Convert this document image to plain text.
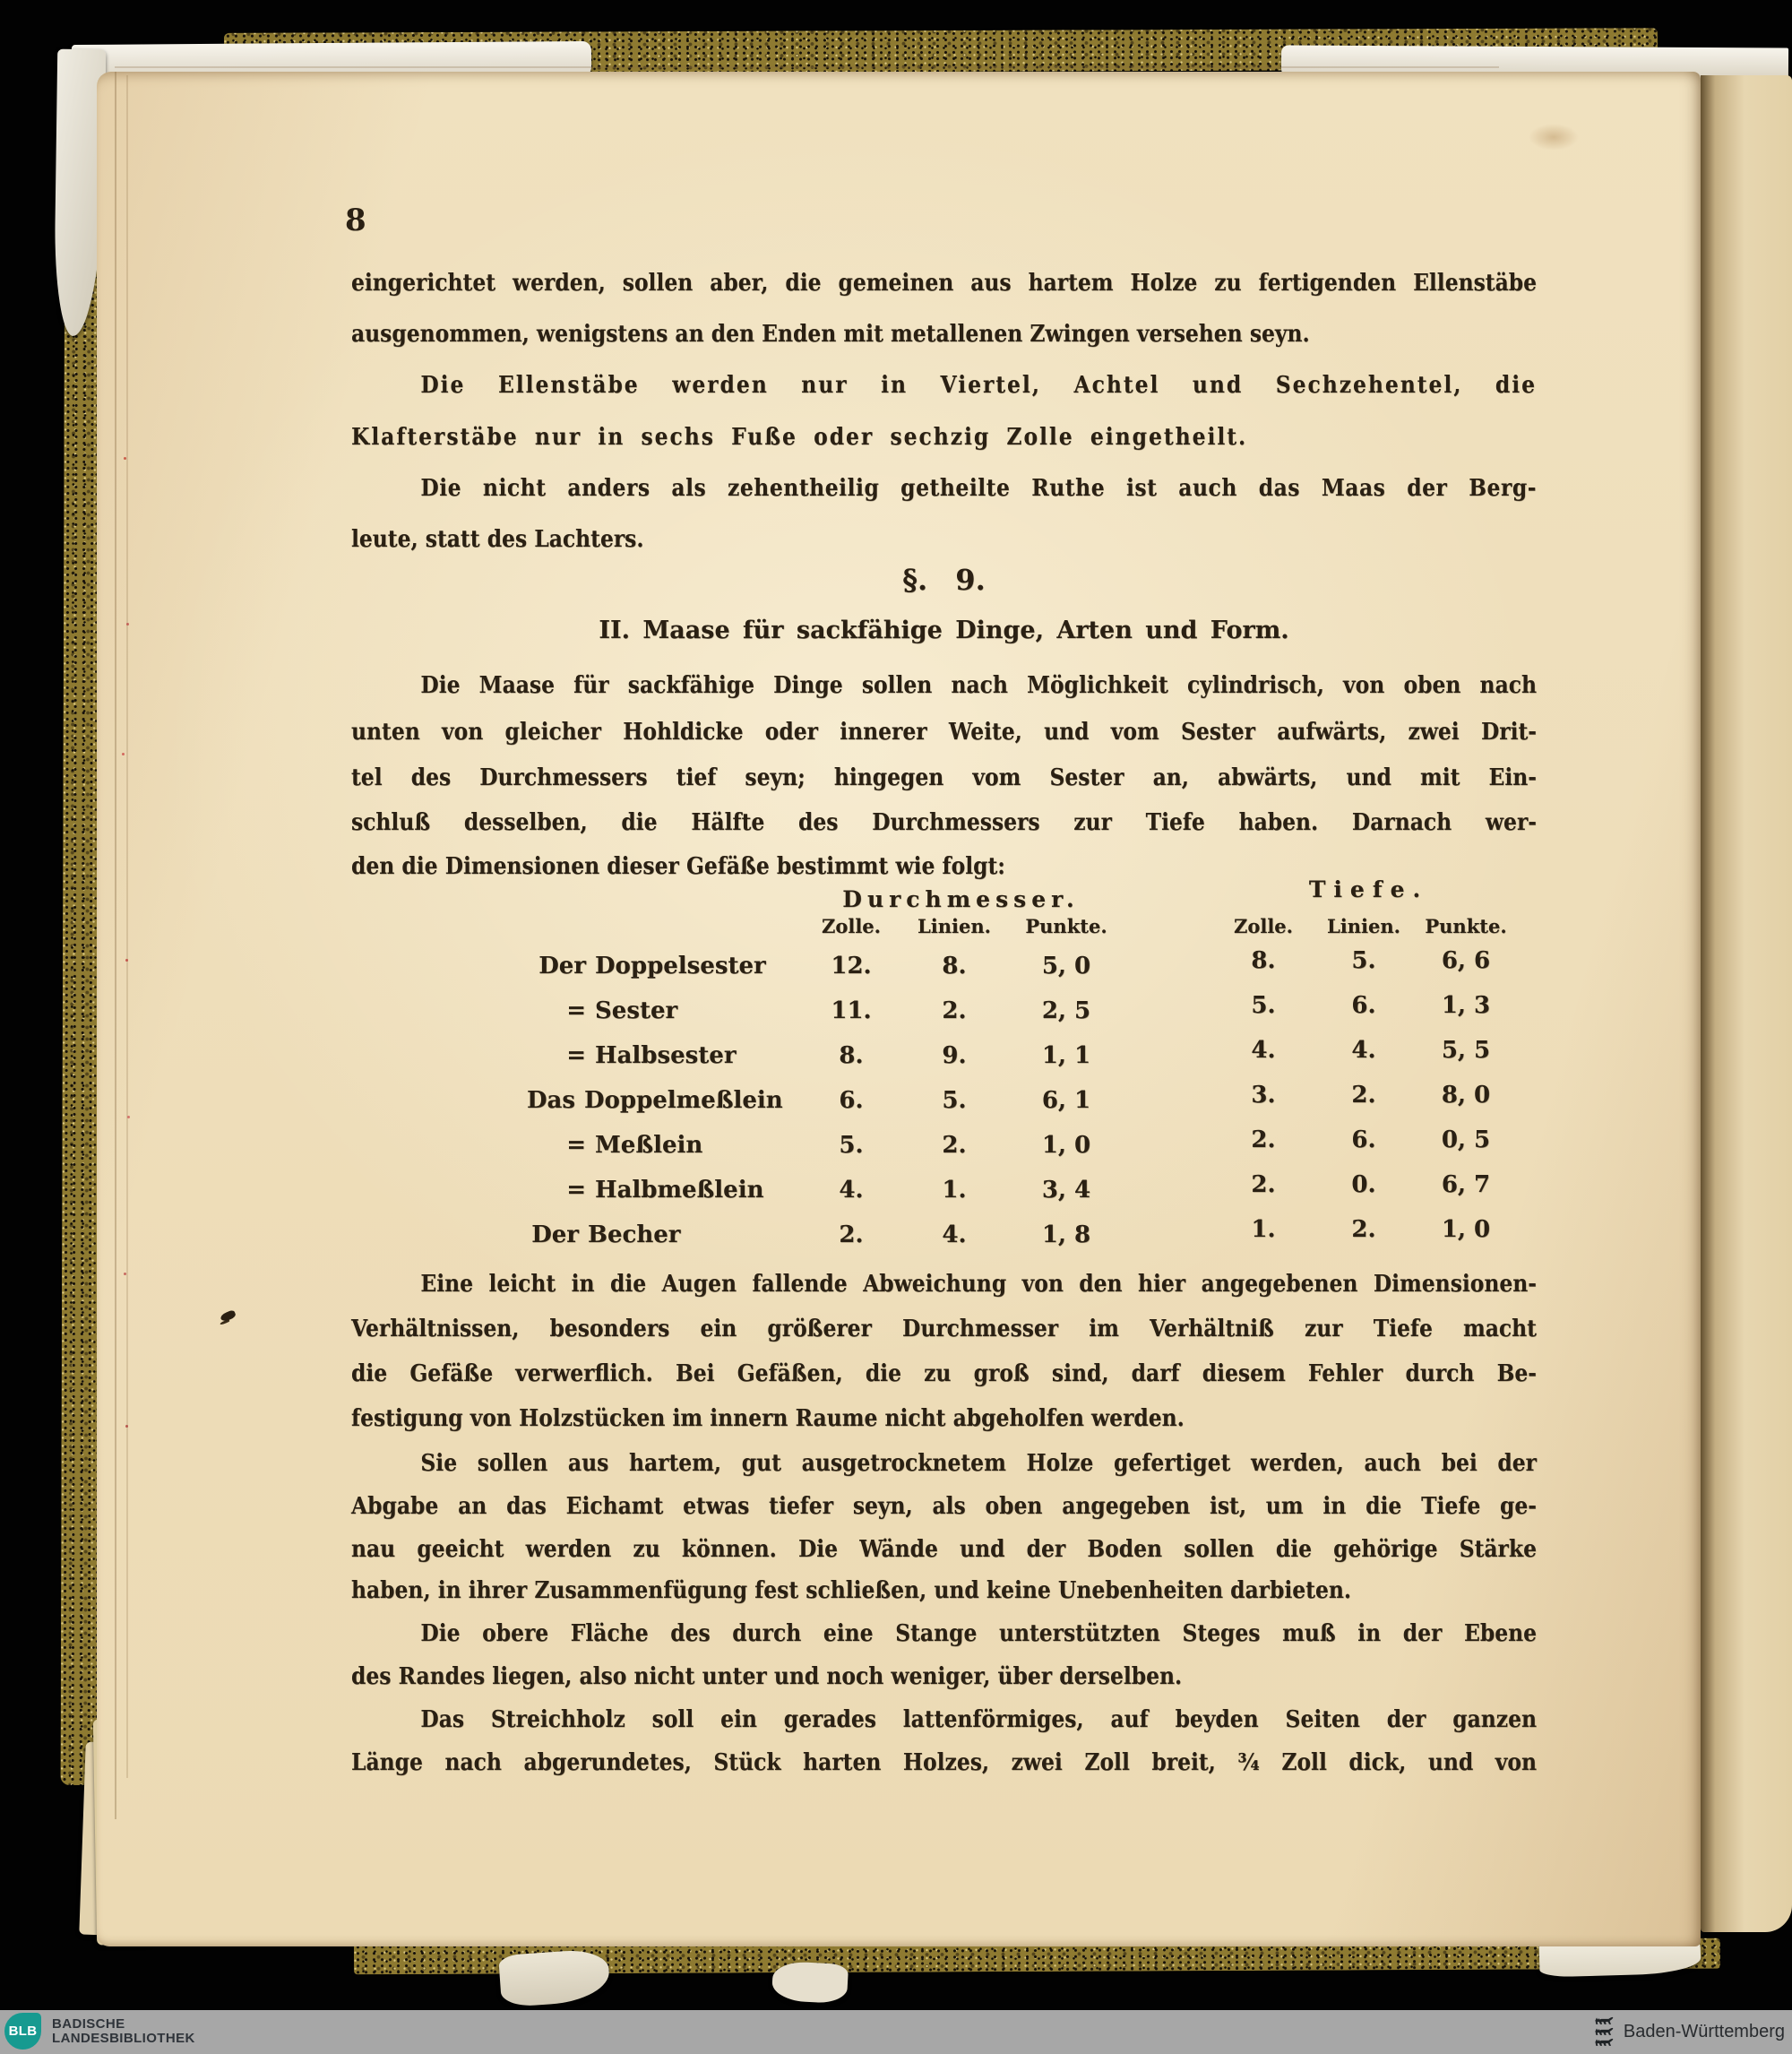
8
eingerichtet werden, sollen aber, die gemeinen aus hartem Holze zu fertigenden Ellenstäbe
ausgenommen, wenigstens an den Enden mit metallenen Zwingen versehen seyn.
Die Ellenstäbe werden nur in Viertel, Achtel und Sechzehentel, die
Klafterstäbe nur in sechs Fuße oder sechzig Zolle eingetheilt.
Die nicht anders als zehentheilig getheilte Ruthe ist auch das Maas der Berg-
leute, statt des Lachters.
§. 9.
II. Maase für sackfähige Dinge, Arten und Form.
Die Maase für sackfähige Dinge sollen nach Möglichkeit cylindrisch, von oben nach
unten von gleicher Hohldicke oder innerer Weite, und vom Sester aufwärts, zwei Drit-
tel des Durchmessers tief seyn; hingegen vom Sester an, abwärts, und mit Ein-
schluß desselben, die Hälfte des Durchmessers zur Tiefe haben. Darnach wer-
den die Dimensionen dieser Gefäße bestimmt wie folgt:
Durchmesser.	Tiefe.
Zolle.	Linien.	Punkte.	Zolle.	Linien.	Punkte.
Der Doppelsester	12.	8.	5, 0	8.	5.	6, 6
= Sester	11.	2.	2, 5	5.	6.	1, 3
= Halbsester	8.	9.	1, 1	4.	4.	5, 5
Das Doppelmeßlein	6.	5.	6, 1	3.	2.	8, 0
= Meßlein	5.	2.	1, 0	2.	6.	0, 5
= Halbmeßlein	4.	1.	3, 4	2.	0.	6, 7
Der Becher	2.	4.	1, 8	1.	2.	1, 0
Eine leicht in die Augen fallende Abweichung von den hier angegebenen Dimensionen-
Verhältnissen, besonders ein größerer Durchmesser im Verhältniß zur Tiefe macht
die Gefäße verwerflich. Bei Gefäßen, die zu groß sind, darf diesem Fehler durch Be-
festigung von Holzstücken im innern Raume nicht abgeholfen werden.
Sie sollen aus hartem, gut ausgetrocknetem Holze gefertiget werden, auch bei der
Abgabe an das Eichamt etwas tiefer seyn, als oben angegeben ist, um in die Tiefe ge-
nau geeicht werden zu können. Die Wände und der Boden sollen die gehörige Stärke
haben, in ihrer Zusammenfügung fest schließen, und keine Unebenheiten darbieten.
Die obere Fläche des durch eine Stange unterstützten Steges muß in der Ebene
des Randes liegen, also nicht unter und noch weniger, über derselben.
Das Streichholz soll ein gerades lattenförmiges, auf beyden Seiten der ganzen
Länge nach abgerundetes, Stück harten Holzes, zwei Zoll breit, ¾ Zoll dick, und von
BLB BADISCHE
LANDESBIBLIOTHEK	Baden-Württemberg
